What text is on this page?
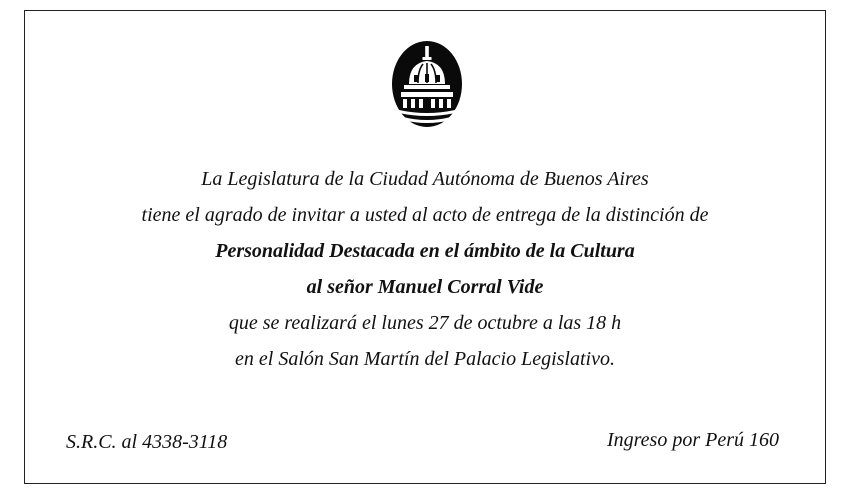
La Legislatura de la Ciudad Autónoma de Buenos Aires
tiene el agrado de invitar a usted al acto de entrega de la distinción de
Personalidad Destacada en el ámbito de la Cultura
al señor Manuel Corral Vide
que se realizará el lunes 27 de octubre a las 18 h
en el Salón San Martín del Palacio Legislativo.
S.R.C. al 4338-3118	Ingreso por Perú 160
